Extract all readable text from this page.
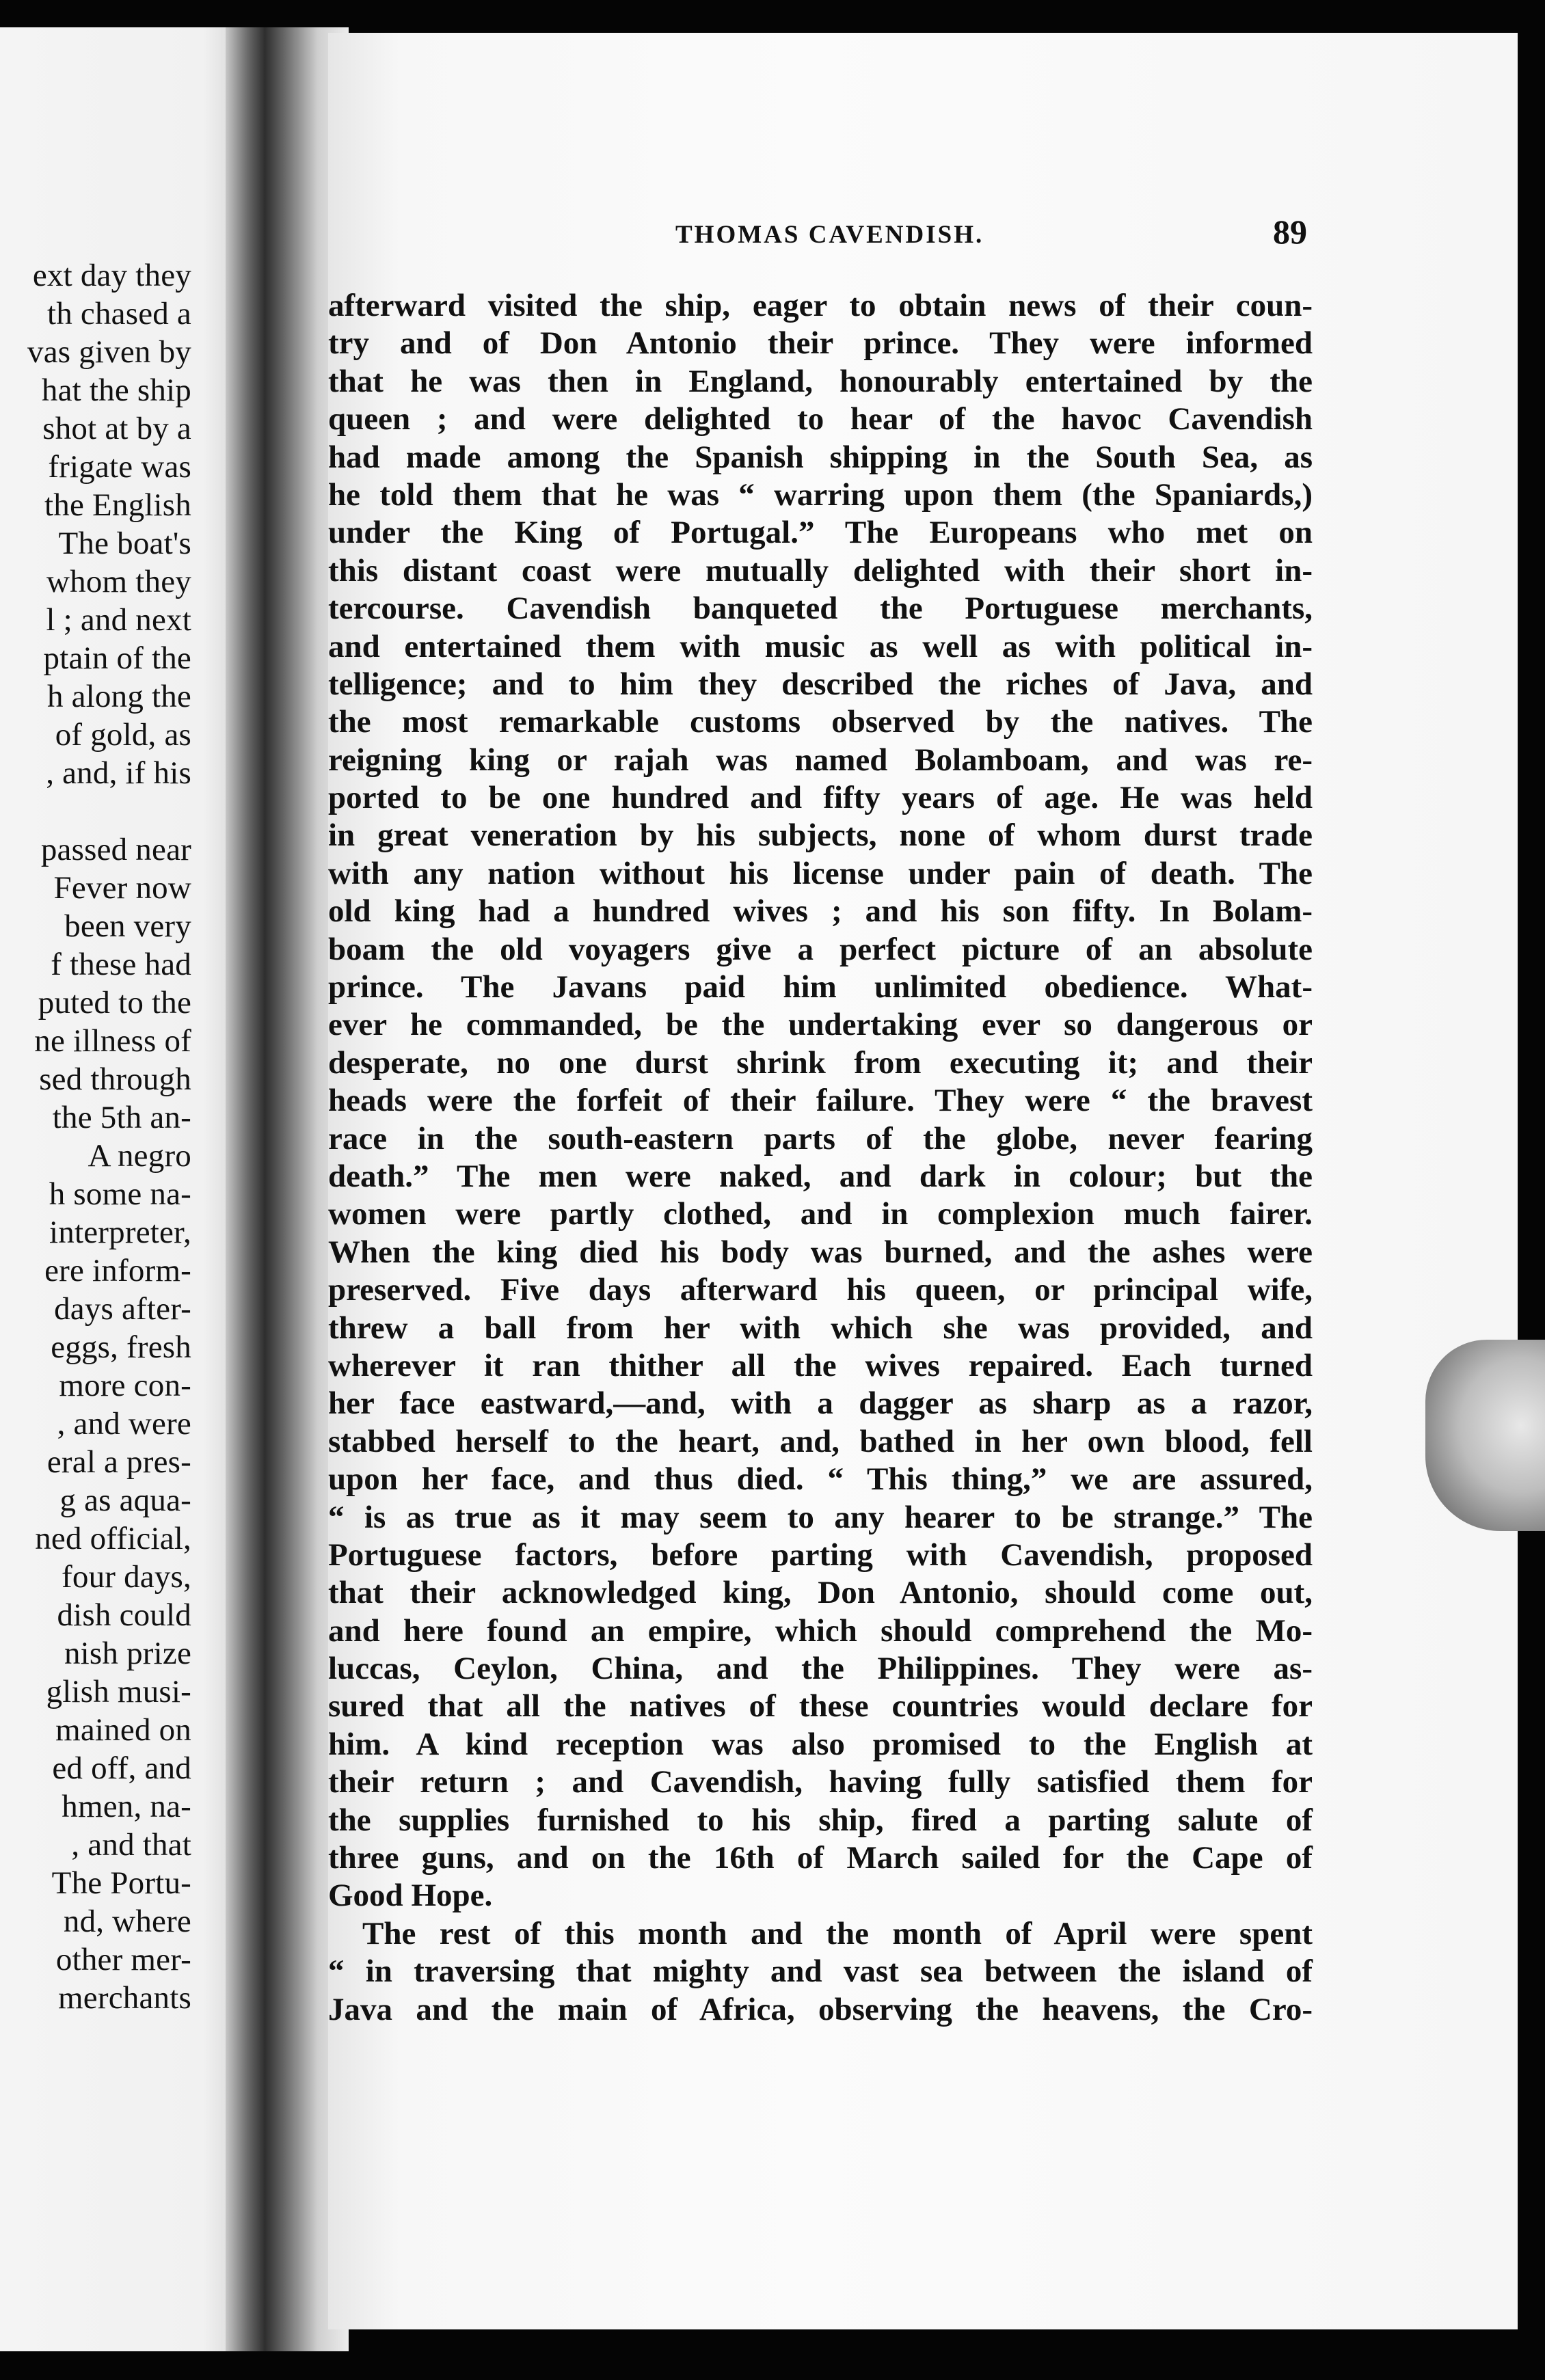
ext day they
th chased a
vas given by
hat the ship
shot at by a
frigate was
the English
The boat's
whom they
l ; and next
ptain of the
h along the
of gold, as
, and, if his
passed near
Fever now
been very
f these had
puted to the
ne illness of
sed through
the 5th an-
A negro
h some na-
interpreter,
ere inform-
days after-
eggs, fresh
more con-
, and were
eral a pres-
g as aqua-
ned official,
four days,
dish could
nish prize
glish musi-
mained on
ed off, and
hmen, na-
, and that
The Portu-
nd, where
other mer-
merchants
THOMAS CAVENDISH.	89
afterward visited the ship, eager to obtain news of their coun-
try and of Don Antonio their prince. They were informed
that he was then in England, honourably entertained by the
queen ; and were delighted to hear of the havoc Cavendish
had made among the Spanish shipping in the South Sea, as
he told them that he was “ warring upon them (the Spaniards,)
under the King of Portugal.” The Europeans who met on
this distant coast were mutually delighted with their short in-
tercourse. Cavendish banqueted the Portuguese merchants,
and entertained them with music as well as with political in-
telligence; and to him they described the riches of Java, and
the most remarkable customs observed by the natives. The
reigning king or rajah was named Bolamboam, and was re-
ported to be one hundred and fifty years of age. He was held
in great veneration by his subjects, none of whom durst trade
with any nation without his license under pain of death. The
old king had a hundred wives ; and his son fifty. In Bolam-
boam the old voyagers give a perfect picture of an absolute
prince. The Javans paid him unlimited obedience. What-
ever he commanded, be the undertaking ever so dangerous or
desperate, no one durst shrink from executing it; and their
heads were the forfeit of their failure. They were “ the bravest
race in the south-eastern parts of the globe, never fearing
death.” The men were naked, and dark in colour; but the
women were partly clothed, and in complexion much fairer.
When the king died his body was burned, and the ashes were
preserved. Five days afterward his queen, or principal wife,
threw a ball from her with which she was provided, and
wherever it ran thither all the wives repaired. Each turned
her face eastward,—and, with a dagger as sharp as a razor,
stabbed herself to the heart, and, bathed in her own blood, fell
upon her face, and thus died. “ This thing,” we are assured,
“ is as true as it may seem to any hearer to be strange.” The
Portuguese factors, before parting with Cavendish, proposed
that their acknowledged king, Don Antonio, should come out,
and here found an empire, which should comprehend the Mo-
luccas, Ceylon, China, and the Philippines. They were as-
sured that all the natives of these countries would declare for
him. A kind reception was also promised to the English at
their return ; and Cavendish, having fully satisfied them for
the supplies furnished to his ship, fired a parting salute of
three guns, and on the 16th of March sailed for the Cape of
Good Hope.
The rest of this month and the month of April were spent
“ in traversing that mighty and vast sea between the island of
Java and the main of Africa, observing the heavens, the Cro-
